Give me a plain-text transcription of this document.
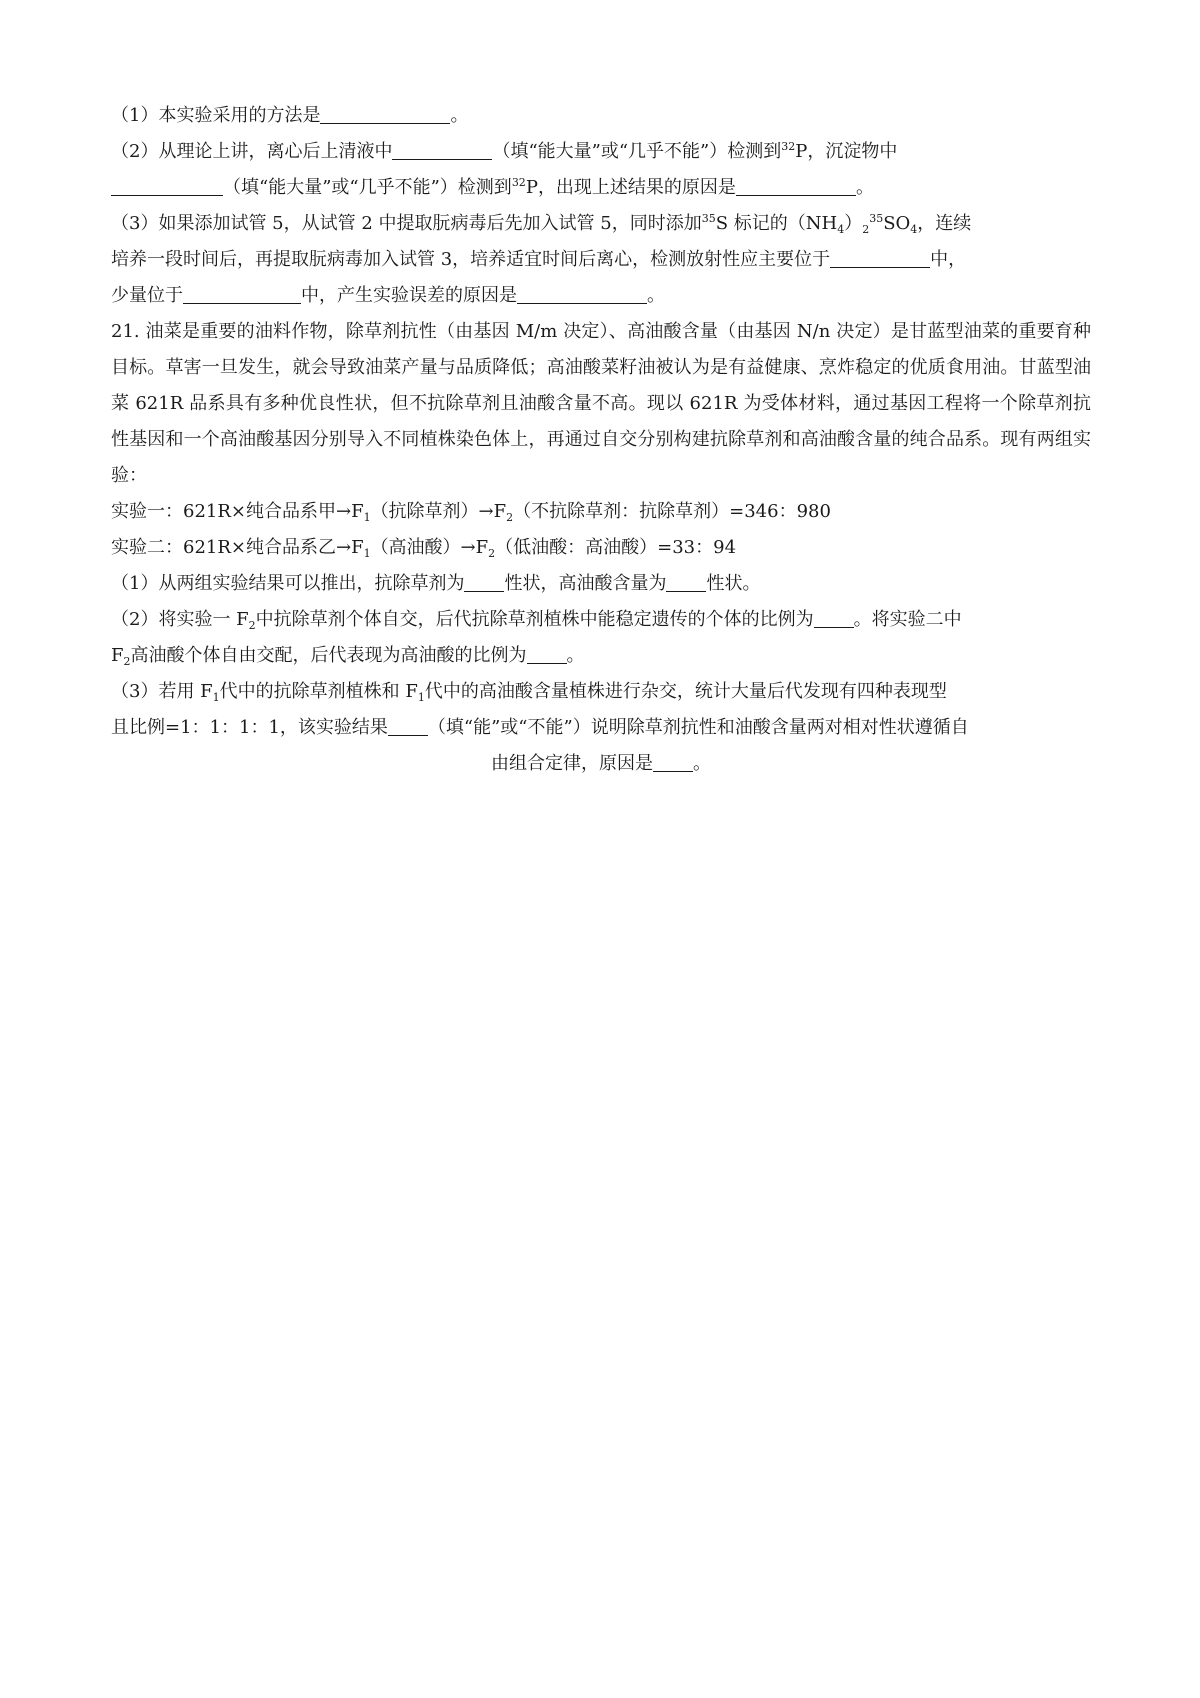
（1）本实验采用的方法是	。

（2）从理论上讲，离心后上清液中	（填“能大量”或“几乎不能”）检测到$^{32}$P，沉淀物中
（填“能大量”或“几乎不能”）检测到$^{32}$P，出现上述结果的原因是	。

（3）如果添加试管 5，从试管 2 中提取朊病毒后先加入试管 5，同时添加$^{35}$S 标记的$(NH_4)_2^{35}SO_4$，连续
培养一段时间后，再提取朊病毒加入试管 3，培养适宜时间后离心，检测放射性应主要位于	中，
少量位于	中，产生实验误差的原因是	。

21. 油菜是重要的油料作物，除草剂抗性（由基因 M/m 决定）、高油酸含量（由基因 N/n 决定）是甘蓝型油菜的重要育种目标。草害一旦发生，就会导致油菜产量与品质降低；高油酸菜籽油被认为是有益健康、烹炸稳定的优质食用油。甘蓝型油菜 621R 品系具有多种优良性状，但不抗除草剂且油酸含量不高。现以 621R 为受体材料，通过基因工程将一个除草剂抗性基因和一个高油酸基因分别导入不同植株染色体上，再通过自交分别构建抗除草剂和高油酸含量的纯合品系。现有两组实验：

实验一：621R×纯合品系甲$\to F_1$（抗除草剂）$\to F_2$（不抗除草剂：抗除草剂）=346：980

实验二：621R×纯合品系乙$\to F_1$（高油酸）$\to F_2$（低油酸：高油酸）=33：94

（1）从两组实验结果可以推出，抗除草剂为 性状，高油酸含量为 性状。

（2）将实验一 $F_2$中抗除草剂个体自交，后代抗除草剂植株中能稳定遗传的个体的比例为 。将实验二中
$F_2$高油酸个体自由交配，后代表现为高油酸的比例为 。

（3）若用 $F_1$代中的抗除草剂植株和 $F_1$代中的高油酸含量植株进行杂交，统计大量后代发现有四种表现型
且比例=1：1：1：1，该实验结果 （填“能”或“不能”）说明除草剂抗性和油酸含量两对相对性状遵循自
由组合定律，原因是 。
